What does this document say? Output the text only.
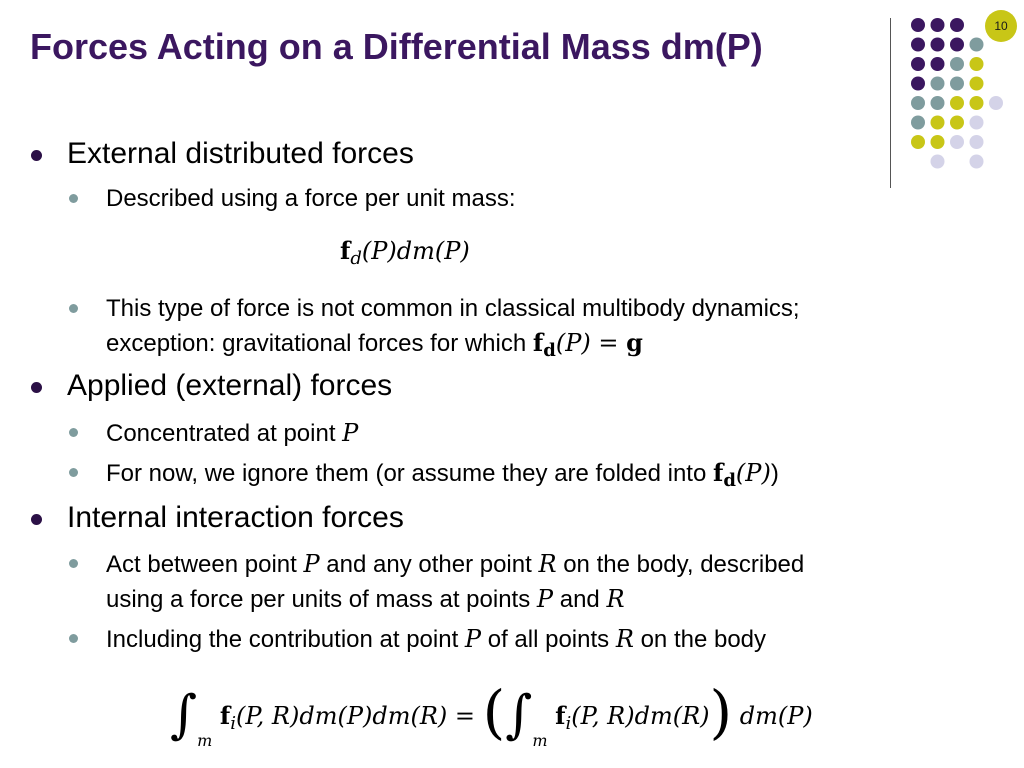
Forces Acting on a Differential Mass dm(P)	10
External distributed forces
Described using a force per unit mass:
fd(P)dm(P)
This type of force is not common in classical multibody dynamics;
exception: gravitational forces for which fd(P) = g
Applied (external) forces
Concentrated at point P
For now, we ignore them (or assume they are folded into fd(P))
Internal interaction forces
Act between point P and any other point R on the body, described
using a force per units of mass at points P and R
Including the contribution at point P of all points R on the body
$\int_m$ fi(P, $R)dm(P)dm(R) = (\int_m$ fi(P, R)dm(R)) dm(P)
